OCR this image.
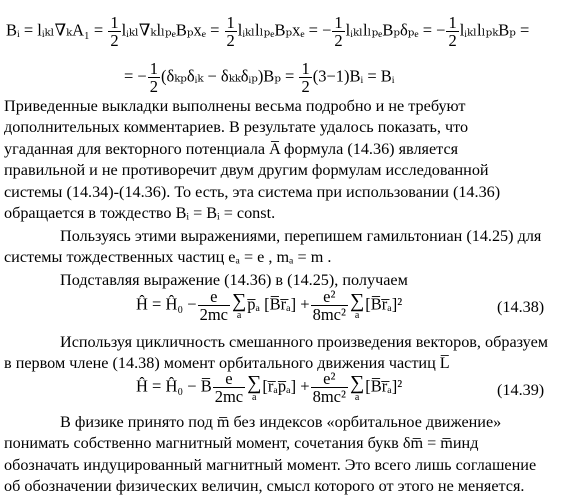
Bᵢ = lᵢₖₗ∇ₖA₁ = $\frac{1}{2}$ lᵢₖₗ∇ₖlₗₚₑBₚxₑ = $\frac{1}{2}$ lᵢₖₗlₗₚₑBₚxₑ = − $\frac{1}{2}$ lᵢₖₗlₗₚₑBₚδₚₑ = − $\frac{1}{2}$ lᵢₖₗlₗₚₖBₚ =
= − $\frac{1}{2}$ (δₖₚδᵢₖ − δₖₖδᵢₚ)Bₚ = $\frac{1}{2}$ (3−1)Bᵢ = Bᵢ
Приведенные выкладки выполнены весьма подробно и не требуют
дополнительных комментариев. В результате удалось показать, что
угаданная для векторного потенциала A̅ формула (14.36) является
правильной и не противоречит двум другим формулам исследованной
системы (14.34)-(14.36). То есть, эта система при использовании (14.36)
обращается в тождество Bᵢ = Bᵢ = const.
Пользуясь этими выражениями, перепишем гамильтониан (14.25) для
системы тождественных частиц eₐ = e , mₐ = m .
Подставляя выражение (14.36) в (14.25), получаем
Ĥ = Ĥ₀ − $\frac{e}{2mc}$ ∑
a
p̅ₐ [B̅r̅ₐ] + $\frac{\text{e²}}{\text{8mc²}}$ ∑
a
[B̅r̅ₐ]²	(14.38)
Используя цикличность смешанного произведения векторов, образуем
в первом члене (14.38) момент орбитального движения частиц L̅
Ĥ = Ĥ₀ − B̅ $\frac{e}{2mc}$ ∑
a
[r̅ₐp̅ₐ] + $\frac{\text{e²}}{\text{8mc²}}$ ∑
a
[B̅r̅ₐ]²	(14.39)
В физике принято под m̅ без индексов «орбитальное движение»
понимать собственно магнитный момент, сочетания букв δm̅ = m̅инд
обозначать индуцированный магнитный момент. Это всего лишь соглашение
об обозначении физических величин, смысл которого от этого не меняется.
